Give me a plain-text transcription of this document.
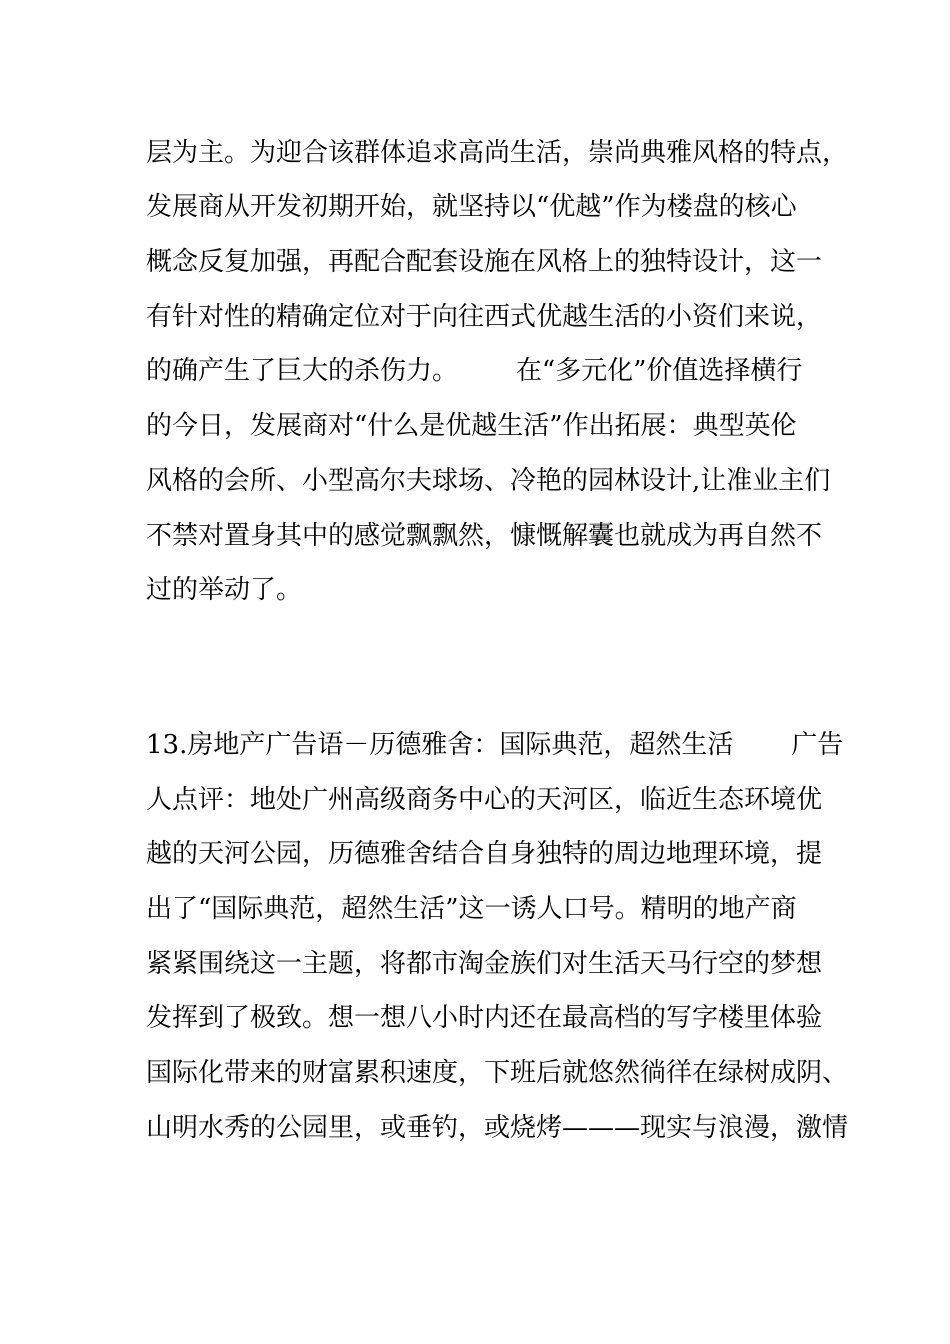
层为主。为迎合该群体追求高尚生活，崇尚典雅风格的特点，
发展商从开发初期开始，就坚持以“优越”作为楼盘的核心
概念反复加强，再配合配套设施在风格上的独特设计，这一
有针对性的精确定位对于向往西式优越生活的小资们来说，
的确产生了巨大的杀伤力。       在“多元化”价值选择横行
的今日，发展商对“什么是优越生活”作出拓展：典型英伦
风格的会所、小型高尔夫球场、冷艳的园林设计,让准业主们
不禁对置身其中的感觉飘飘然，慷慨解囊也就成为再自然不
过的举动了。
13.房地产广告语－历德雅舍：国际典范，超然生活       广告
人点评：地处广州高级商务中心的天河区，临近生态环境优
越的天河公园，历德雅舍结合自身独特的周边地理环境，提
出了“国际典范，超然生活”这一诱人口号。精明的地产商
紧紧围绕这一主题，将都市淘金族们对生活天马行空的梦想
发挥到了极致。想一想八小时内还在最高档的写字楼里体验
国际化带来的财富累积速度，下班后就悠然徜徉在绿树成阴、
山明水秀的公园里，或垂钓，或烧烤———现实与浪漫，激情
